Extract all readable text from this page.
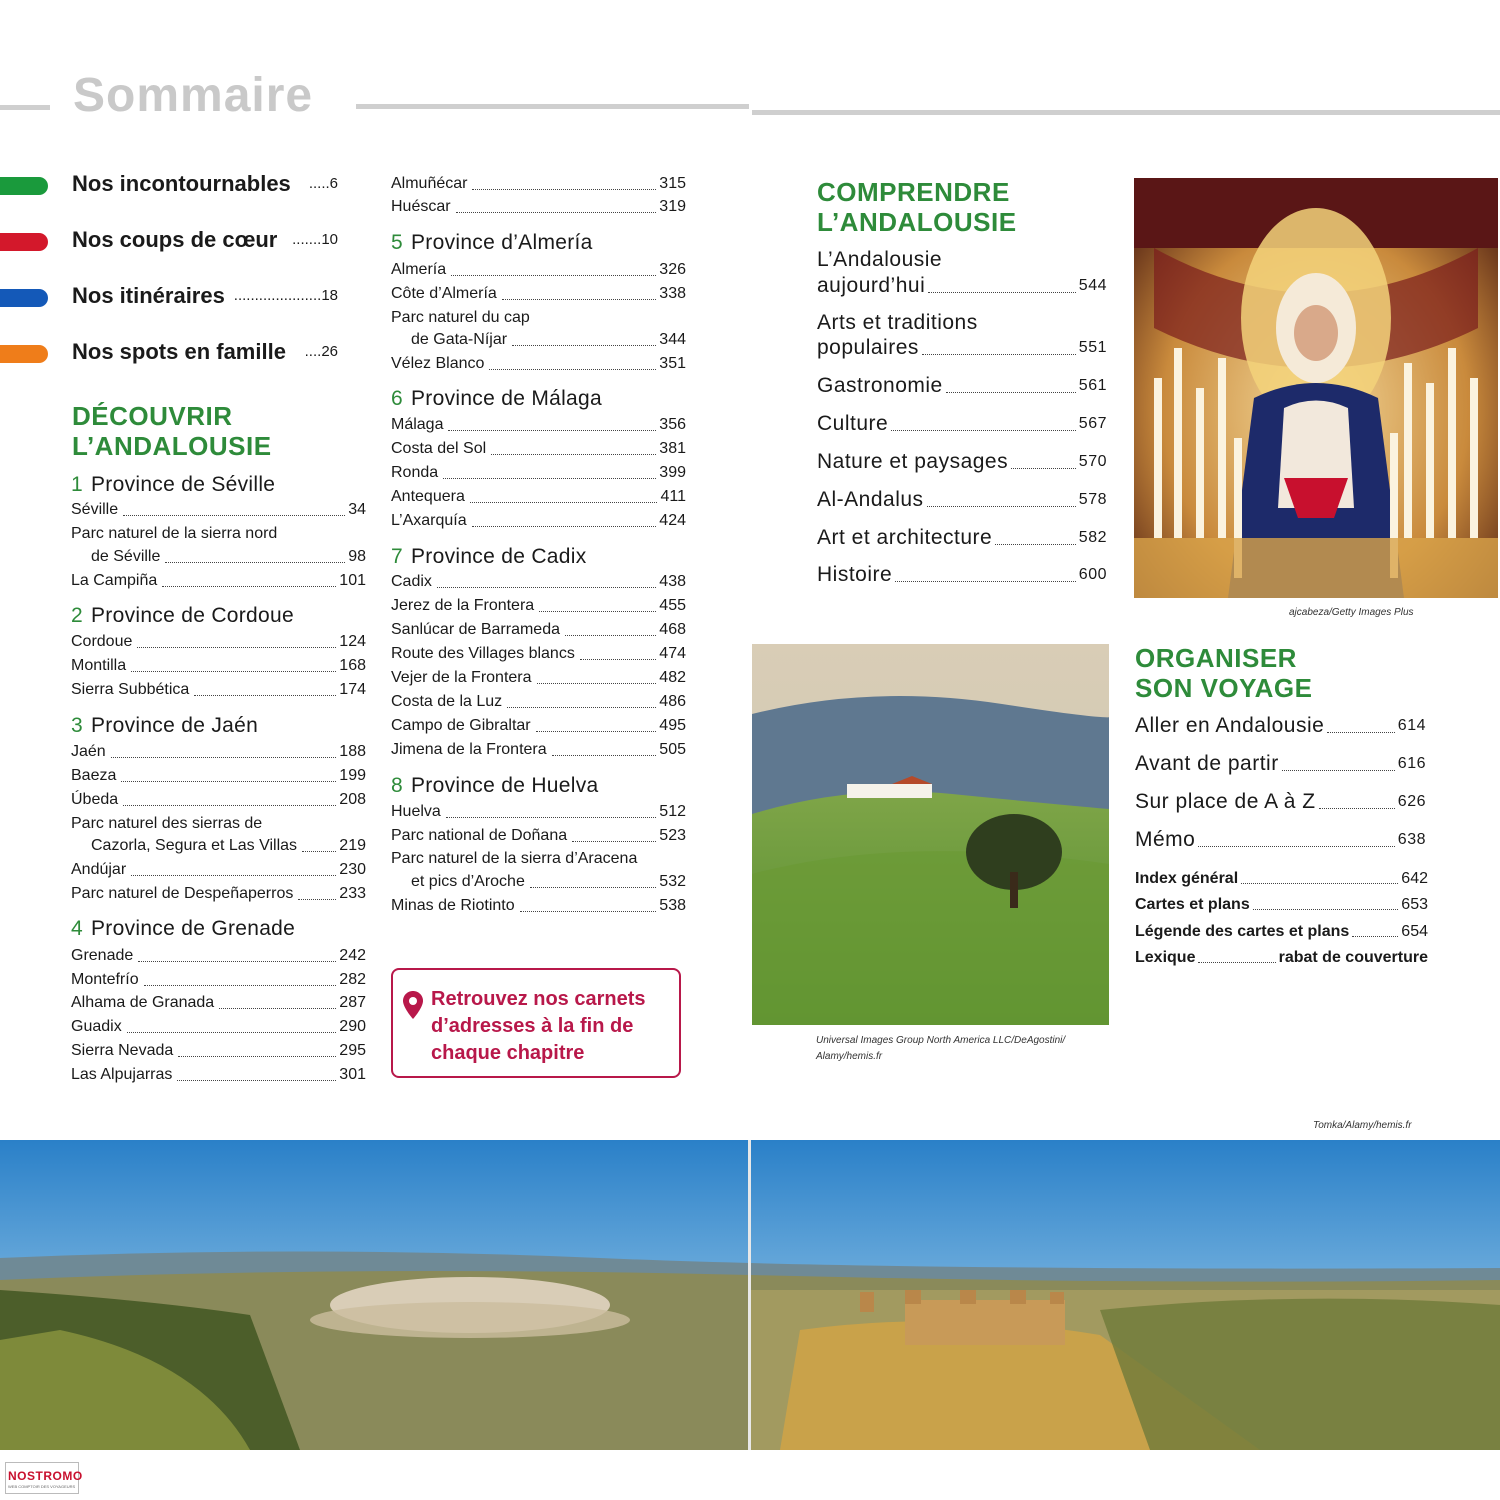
Sommaire
Nos incontournables .....6
Nos coups de cœur .......10
Nos itinéraires .....................18
Nos spots en famille ....26
DÉCOUVRIR
L’ANDALOUSIE
1 Province de Séville
Séville	34
Parc naturel de la sierra nord
de Séville	98
La Campiña	101
2 Province de Cordoue
Cordoue	124
Montilla	168
Sierra Subbética	174
3 Province de Jaén
Jaén	188
Baeza	199
Úbeda	208
Parc naturel des sierras de
Cazorla, Segura et Las Villas	219
Andújar	230
Parc naturel de Despeñaperros	233
4 Province de Grenade
Grenade	242
Montefrío	282
Alhama de Granada	287
Guadix	290
Sierra Nevada	295
Las Alpujarras	301
Almuñécar	315
Huéscar	319
5 Province d’Almería
Almería	326
Côte d’Almería	338
Parc naturel du cap
de Gata-Níjar	344
Vélez Blanco	351
6 Province de Málaga
Málaga	356
Costa del Sol	381
Ronda	399
Antequera	411
L’Axarquía	424
7 Province de Cadix
Cadix	438
Jerez de la Frontera	455
Sanlúcar de Barrameda	468
Route des Villages blancs	474
Vejer de la Frontera	482
Costa de la Luz	486
Campo de Gibraltar	495
Jimena de la Frontera	505
8 Province de Huelva
Huelva	512
Parc national de Doñana	523
Parc naturel de la sierra d’Aracena
et pics d’Aroche	532
Minas de Riotinto	538
Retrouvez nos carnets
d’adresses à la fin de
chaque chapitre
COMPRENDRE
L’ANDALOUSIE
L’Andalousie
aujourd’hui	544
Arts et traditions
populaires	551
Gastronomie	561
Culture	567
Nature et paysages	570
Al-Andalus	578
Art et architecture	582
Histoire	600
ajcabeza/Getty Images Plus
Universal Images Group North America LLC/DeAgostini/
Alamy/hemis.fr
ORGANISER
SON VOYAGE
Aller en Andalousie	614
Avant de partir	616
Sur place de A à Z	626
Mémo	638
Index général	642
Cartes et plans	653
Légende des cartes et plans	654
Lexique	rabat de couverture
Tomka/Alamy/hemis.fr
NOSTROMO
WEB COMPTOIR DES VOYAGEURS
